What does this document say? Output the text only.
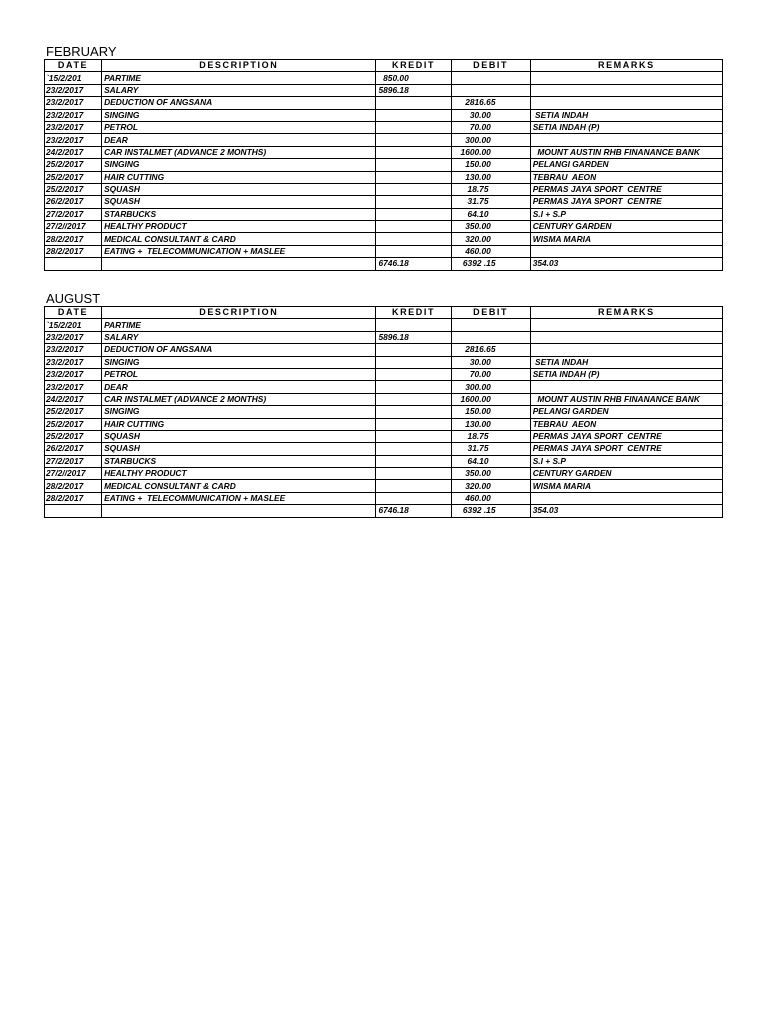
FEBRUARY
DATE	DESCRIPTION	KREDIT	DEBIT	REMARKS
`15/2/201	PARTIME	850.00		
23/2/2017	SALARY	5896.18		
23/2/2017	DEDUCTION OF ANGSANA		2816.65	
23/2/2017	SINGING		30.00	SETIA INDAH
23/2/2017	PETROL		70.00	SETIA INDAH (P)
23/2/2017	DEAR		300.00	
24/2/2017	CAR INSTALMET (ADVANCE 2 MONTHS)		1600.00	MOUNT AUSTIN RHB FINANANCE BANK
25/2/2017	SINGING		150.00	PELANGI GARDEN
25/2/2017	HAIR CUTTING		130.00	TEBRAU  AEON
25/2/2017	SQUASH		18.75	PERMAS JAYA SPORT  CENTRE
26/2/2017	SQUASH		31.75	PERMAS JAYA SPORT  CENTRE
27/2/2017	STARBUCKS		64.10	S.I + S.P
27/2//2017	HEALTHY PRODUCT		350.00	CENTURY GARDEN
28/2/2017	MEDICAL CONSULTANT & CARD		320.00	WISMA MARIA
28/2/2017	EATING +  TELECOMMUNICATION + MASLEE		460.00	
		6746.18	6392 .15	354.03
AUGUST
DATE	DESCRIPTION	KREDIT	DEBIT	REMARKS
`15/2/201	PARTIME			
23/2/2017	SALARY	5896.18		
23/2/2017	DEDUCTION OF ANGSANA		2816.65	
23/2/2017	SINGING		30.00	SETIA INDAH
23/2/2017	PETROL		70.00	SETIA INDAH (P)
23/2/2017	DEAR		300.00	
24/2/2017	CAR INSTALMET (ADVANCE 2 MONTHS)		1600.00	MOUNT AUSTIN RHB FINANANCE BANK
25/2/2017	SINGING		150.00	PELANGI GARDEN
25/2/2017	HAIR CUTTING		130.00	TEBRAU  AEON
25/2/2017	SQUASH		18.75	PERMAS JAYA SPORT  CENTRE
26/2/2017	SQUASH		31.75	PERMAS JAYA SPORT  CENTRE
27/2/2017	STARBUCKS		64.10	S.I + S.P
27/2//2017	HEALTHY PRODUCT		350.00	CENTURY GARDEN
28/2/2017	MEDICAL CONSULTANT & CARD		320.00	WISMA MARIA
28/2/2017	EATING +  TELECOMMUNICATION + MASLEE		460.00	
		6746.18	6392 .15	354.03
